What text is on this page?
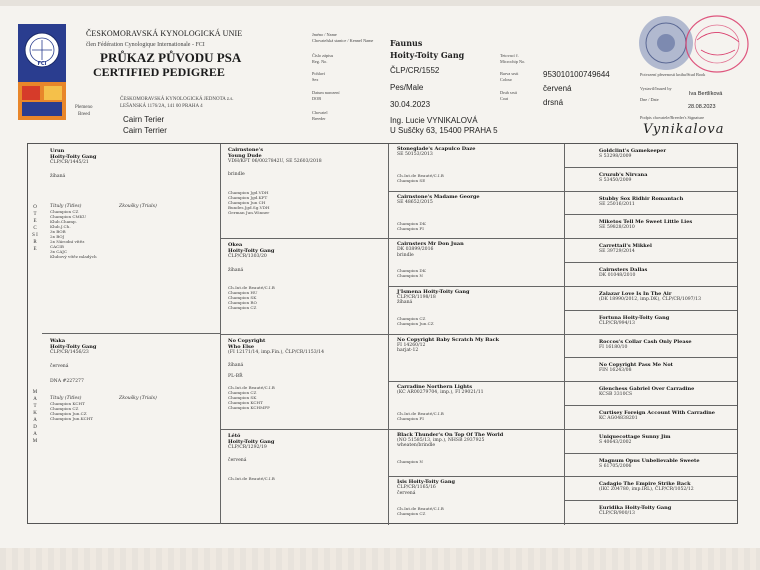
FCI
ČESKOMORAVSKÁ KYNOLOGICKÁ UNIE
člen Fédération Cynologique Internationale - FCI
PRŮKAZ PŮVODU PSA
CERTIFIED PEDIGREE
Plemeno
Breed
ČESKOMORAVSKÁ KYNOLOGICKÁ JEDNOTA z.s.
LEŠANSKÁ 1176/2A, 141 00 PRAHA 4
Cairn Terier
Cairn Terrier
Jméno / Name
Chovatelská stanice / Kennel Name Faunus
Hoity-Toity Gang
Číslo zápisu
Reg. No.
ČLP/CR/1552
Pohlaví
Sex
Pes/Male
Datum narození
DOB
30.04.2023
Chovatel
Breeder	Ing. Lucie VYNIKALOVÁ
U Suščky 63, 15400 PRAHA 5
Tetovací č.
Microchip No.
953010100749644
Barva srsti
Colour
červená
Druh srsti
Coat	drsná
Potvrzení přezenosti kniha/Stud Book
Vystavil/Issued by
Dne / Date
Iva Bertlíková
28.08.2023
Podpis chovatele/Breeder's Signature
Vynikalova
O T E C   S I R E
M A T K A   D A M
Urun
Hoity-Toity Gang
ČLP/CR/1445/21
žíhaná
Tituly (Titles)
Champion CZ
Champion CMKU
Klub.Champ.
Klub.J.Ch.
3x BOB
2x BOJ
2x Národní vítěz
CACIB
3x CAJC
Klubový vítěz mladých
Zkoušky (Trials)
Waka
Hoity-Toity Gang
ČLP/CR/1456/23
červená
DNA #227277
Tituly (Titles)
Champion KCHT
Champion CZ
Champion Jun.CZ
Champion Jun.KCHT
Zkoušky (Trials)
Cairnstone's
Young Dude
VDH/KFT 06/0027842U, SE 52603/2018
brindle
Champion Jgd.VDH
Champion Jgd.KFT
Champion Jun CH
Bundes.Jgd.Sg.VDH
German Jun.Winner
Okea
Hoity-Toity Gang
ČLP/CR/1303/20
žíhaná
Ch.Int.de Beauté/C.I.B
Champion HU
Champion SK
Champion RO
Champion CZ
No Copyright
Who Else
(FI 12171/14, imp.Fin.), ČLP/CR/1153/14
žíhaná
PL-BŘ
Ch.Int.de Beauté/C.I.B
Champion CZ
Champion SK
Champion KCHT
Champion KCHMFP
Létó
Hoity-Toity Gang
ČLP/CR/1292/19
červená
Ch.Int.de Beauté/C.I.B
Stoneglade's Acapulco Daze
SE 50153/2013
Ch.Int.de Beauté/C.I.B
Champion SE
Cairnstone's Madame George
SE 48652/2015
Champion DK
Champion FI
Cairnsters Mr Don Juan
DK 03899/2016
brindle
Champion DK
Champion N
J'Ismena Hoity-Toity Gang
ČLP/CR/1198/18
žíhaná
Champion CZ
Champion Jun.CZ
No Copyright Baby Scratch My Back
FI 14260/12
harjat-12
Carradine Northern Lights
(KC AR00279704, imp.), FI 29021/11
Ch.Int.de Beauté/C.I.B
Champion FI
Black Thunder's On Top Of The World
(NO 51585/13, imp.), NHSB 2937925
wheaten/brindle
Champion N
Isis Hoity-Toity Gang
ČLP/CR/1165/16
červená
Ch.Int.de Beauté/C.I.B
Champion CZ
Goldclint's Gamekeeper
S 53298/2009
Cruzub's Nirvana
S 53450/2009
Stubby Sox Ridhir Romantach
SE 25016/2011
Miketos Tell Me Sweet Little Lies
SE 59828/2010
Carrettail's Mikkel
SE 39729/2014
Cairnsters Dallas
DK 01048/2010
Zalazar Love Is In The Air
(DK 18990/2012, imp.DK), ČLP/CR/1097/13
Fortuna Hoity-Toity Gang
ČLP/CR/994/13
Roccos's Collar Cash Only Please
FI 16180/10
No Copyright Pass Me Not
FIN 16243/08
Glenchess Gabriel Over Carradine
KCSB 3310CS
Curtisey Foreign Account With Carradine
KC AG04838201
Uniquecottage Sunny Jim
S 40643/2002
Magnum Opus Unbelievable Sweete
S 61705/2006
Cadagio The Empire Strike Back
(IKC Z04780, imp.IRL), ČLP/CR/1052/12
Euridika Hoity-Toity Gang
ČLP/CR/900/13
